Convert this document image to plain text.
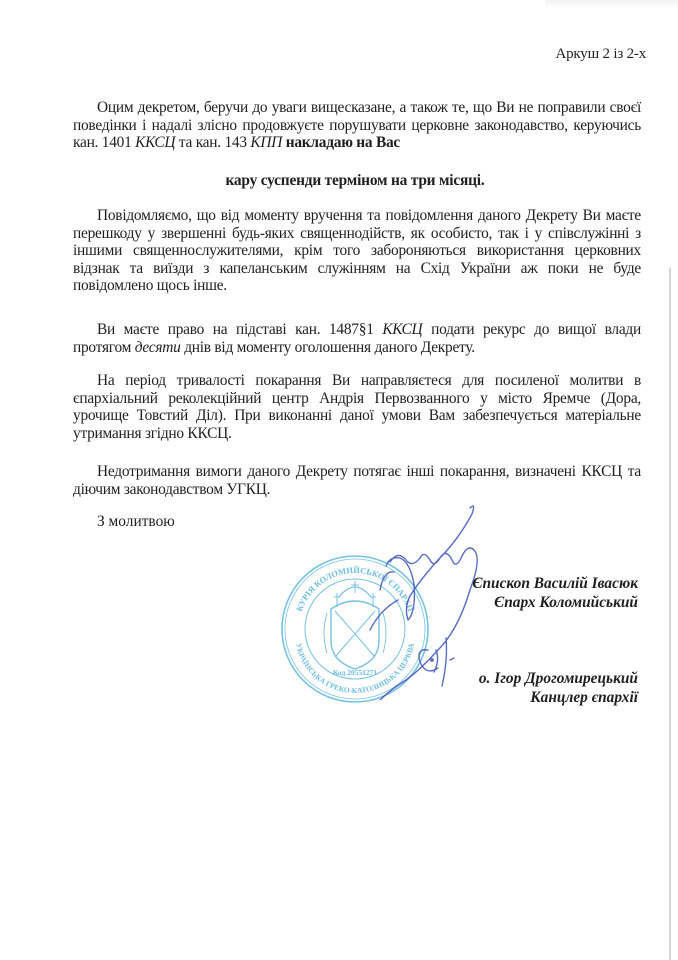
Аркуш 2 із 2-х

Оцим декретом, беручи до уваги вищесказане, а також те, що Ви не поправили своєї поведінки і надалі злісно продовжуєте порушувати церковне законодавство, керуючись кан. 1401 ККСЦ та кан. 143 КПП накладаю на Вас

кару суспенди терміном на три місяці.

Повідомляємо, що від моменту вручення та повідомлення даного Декрету Ви маєте перешкоду у звершенні будь-яких священнодійств, як особисто, так і у співслужінні з іншими священнослужителями, крім того забороняються використання церковних відзнак та виїзди з капеланським служінням на Схід України аж поки не буде повідомлено щось інше.

Ви маєте право на підставі кан. 1487§1 ККСЦ подати рекурс до вищої влади протягом десяти днів від моменту оголошення даного Декрету.

На період тривалості покарання Ви направляєтеся для посиленої молитви в єпархіальний реколекційний центр Андрія Первозванного у місто Яремче (Дора, урочище Товстий Діл). При виконанні даної умови Вам забезпечується матеріальне утримання згідно ККСЦ.

Недотримання вимоги даного Декрету потягає інші покарання, визначені ККСЦ та діючим законодавством УГКЦ.

З молитвою
КУРІЯ КОЛОМИЙСЬКОЇ ЄПАРХІЇ
УКРАЇНСЬКА ГРЕКО-КАТОЛИЦЬКА ЦЕРКВА
Код 20551271
Єпископ Василій Івасюк
Єпарх Коломийський
о. Ігор Дрогомирецький
Канцлер єпархії
